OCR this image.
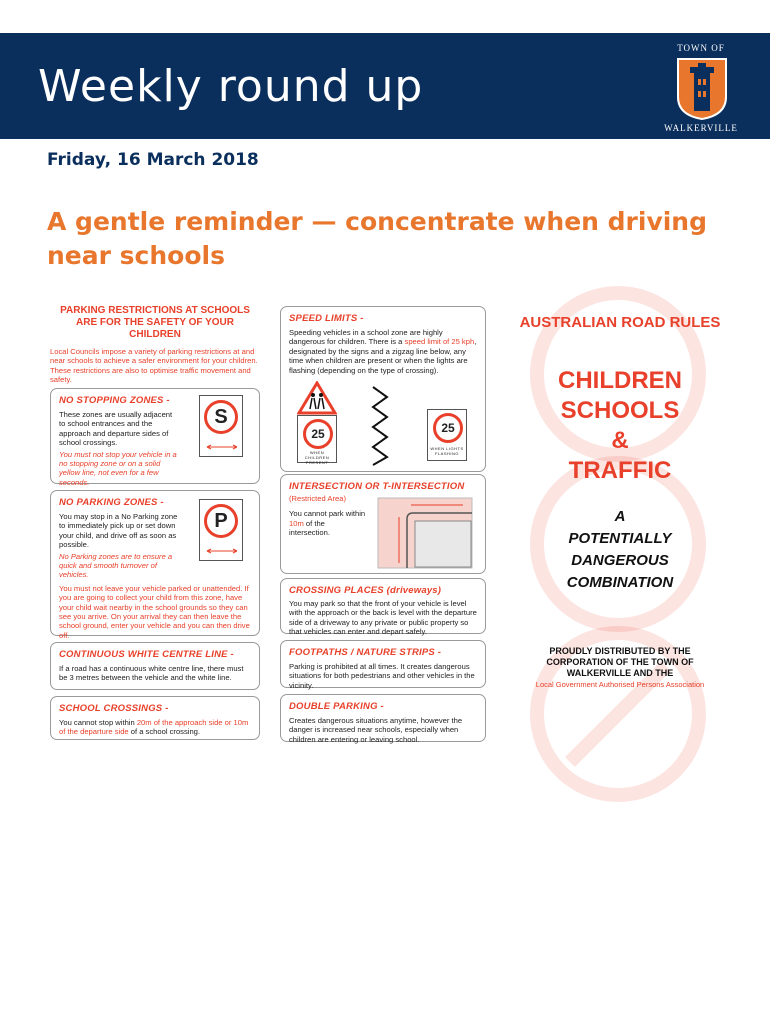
Weekly round up
TOWN OF
WALKERVILLE
Friday, 16 March 2018
A gentle reminder — concentrate when driving near schools
PARKING RESTRICTIONS AT SCHOOLS ARE FOR THE SAFETY OF YOUR CHILDREN
Local Councils impose a variety of parking restrictions at and near schools to achieve a safer environment for your children. These restrictions are also to optimise traffic movement and safety.
NO STOPPING ZONES -

These zones are usually adjacent to school entrances and the approach and departure sides of school crossings.

You must not stop your vehicle in a no stopping zone or on a solid yellow line, not even for a few seconds.

S
NO PARKING ZONES -

You may stop in a No Parking zone to immediately pick up or set down your child, and drive off as soon as possible.

No Parking zones are to ensure a quick and smooth turnover of vehicles.

You must not leave your vehicle parked or unattended. If you are going to collect your child from this zone, have your child wait nearby in the school grounds so they can see you arrive. On your arrival they can then leave the school ground, enter your vehicle and you can then drive off.

P
CONTINUOUS WHITE CENTRE LINE -

If a road has a continuous white centre line, there must be 3 metres between the vehicle and the white line.

SCHOOL CROSSINGS -

You cannot stop within 20m of the approach side or 10m of the departure side of a school crossing.

SPEED LIMITS -

Speeding vehicles in a school zone are highly dangerous for children. There is a speed limit of 25 kph, designated by the signs and a zigzag line below, any time when children are present or when the lights are flashing (depending on the type of crossing).

25
WHEN CHILDREN PRESENT
25
WHEN LIGHTS FLASHING
INTERSECTION OR T-INTERSECTION

(Restricted Area)

You cannot park within 10m of the intersection.

CROSSING PLACES (driveways)

You may park so that the front of your vehicle is level with the approach or the back is level with the departure side of a driveway to any private or public property so that vehicles can enter and depart safely.

FOOTPATHS / NATURE STRIPS -

Parking is prohibited at all times. It creates dangerous situations for both pedestrians and other vehicles in the vicinity.

DOUBLE PARKING -

Creates dangerous situations anytime, however the danger is increased near schools, especially when children are entering or leaving school.

AUSTRALIAN ROAD RULES
CHILDREN
SCHOOLS
&
TRAFFIC
A
POTENTIALLY
DANGEROUS
COMBINATION
PROUDLY DISTRIBUTED BY THE CORPORATION OF THE TOWN OF WALKERVILLE AND THE
Local Government Authorised Persons Association
